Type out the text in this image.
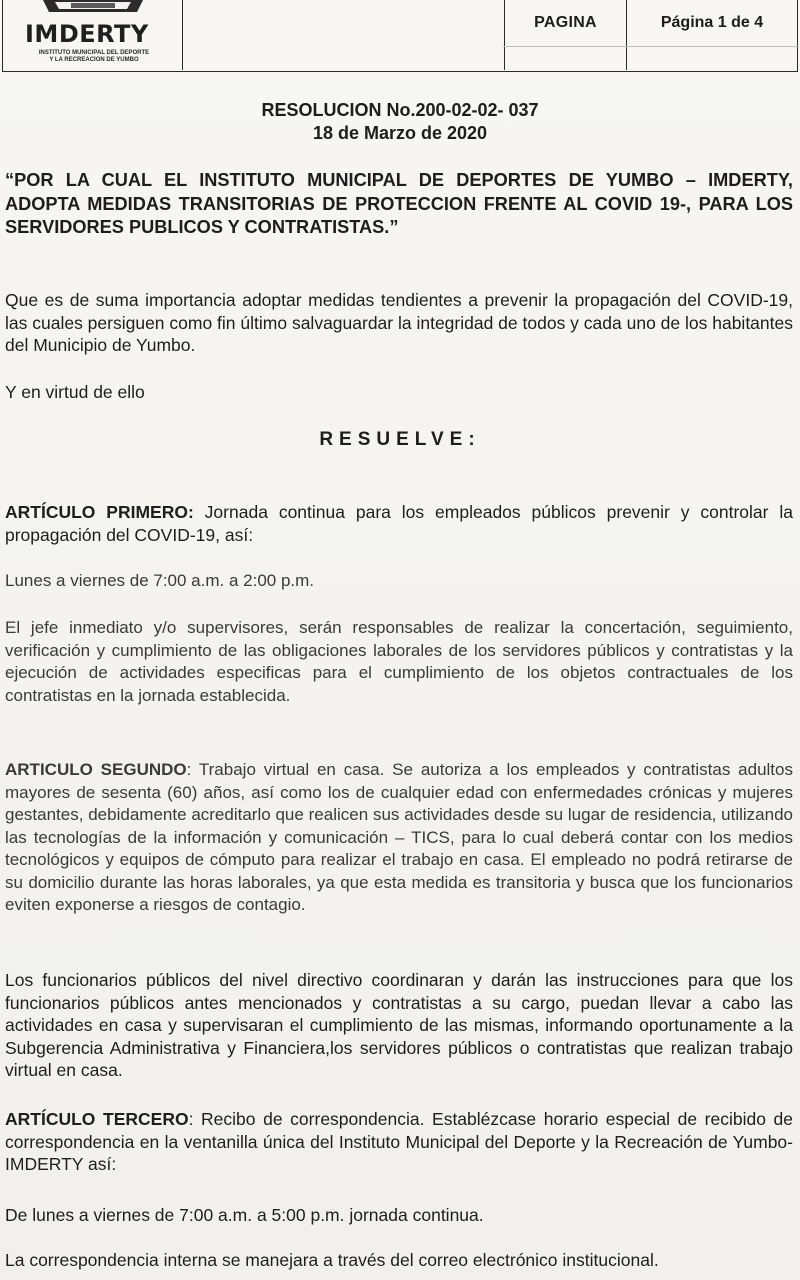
IMDERTY
INSTITUTO MUNICIPAL DEL DEPORTE
Y LA RECREACION DE YUMBO
PAGINA	Página 1 de 4
RESOLUCION No.200-02-02- 037
18 de Marzo de 2020
“POR LA CUAL EL INSTITUTO MUNICIPAL DE DEPORTES DE YUMBO – IMDERTY, ADOPTA MEDIDAS TRANSITORIAS DE PROTECCION FRENTE AL COVID 19-, PARA LOS SERVIDORES PUBLICOS Y CONTRATISTAS.”
Que es de suma importancia adoptar medidas tendientes a prevenir la propagación del COVID-19, las cuales persiguen como fin último salvaguardar la integridad de todos y cada uno de los habitantes del Municipio de Yumbo.
Y en virtud de ello
RESUELVE:
ARTÍCULO PRIMERO: Jornada continua para los empleados públicos prevenir y controlar la propagación del COVID-19, así:
Lunes a viernes de 7:00 a.m. a 2:00 p.m.
El jefe inmediato y/o supervisores, serán responsables de realizar la concertación, seguimiento, verificación y cumplimiento de las obligaciones laborales de los servidores públicos y contratistas y la ejecución de actividades especificas para el cumplimiento de los objetos contractuales de los contratistas en la jornada establecida.
ARTICULO SEGUNDO: Trabajo virtual en casa. Se autoriza a los empleados y contratistas adultos mayores de sesenta (60) años, así como los de cualquier edad con enfermedades crónicas y mujeres gestantes, debidamente acreditarlo que realicen sus actividades desde su lugar de residencia, utilizando las tecnologías de la información y comunicación – TICS, para lo cual deberá contar con los medios tecnológicos y equipos de cómputo para realizar el trabajo en casa. El empleado no podrá retirarse de su domicilio durante las horas laborales, ya que esta medida es transitoria y busca que los funcionarios eviten exponerse a riesgos de contagio.
Los funcionarios públicos del nivel directivo coordinaran y darán las instrucciones para que los funcionarios públicos antes mencionados y contratistas a su cargo, puedan llevar a cabo las actividades en casa y supervisaran el cumplimiento de las mismas, informando oportunamente a la Subgerencia Administrativa y Financiera,los servidores públicos o contratistas que realizan trabajo virtual en casa.
ARTÍCULO TERCERO: Recibo de correspondencia. Establézcase horario especial de recibido de correspondencia en la ventanilla única del Instituto Municipal del Deporte y la Recreación de Yumbo-IMDERTY así:
De lunes a viernes de 7:00 a.m. a 5:00 p.m. jornada continua.
La correspondencia interna se manejara a través del correo electrónico institucional.
